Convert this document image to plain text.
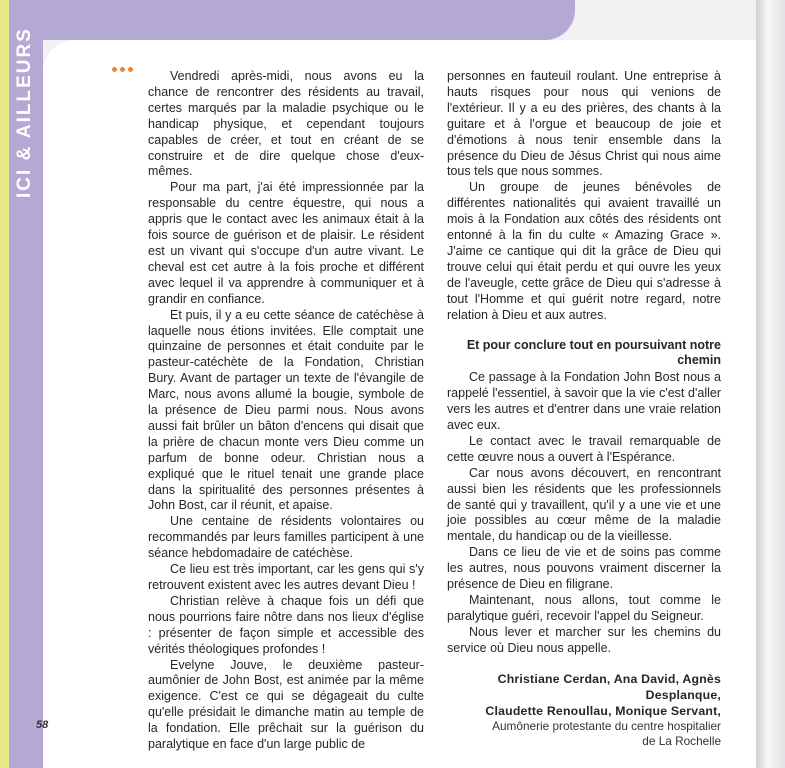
ICI & AILLEURS	Vendredi après-midi, nous avons eu la chance de rencontrer des résidents au travail, certes marqués par la maladie psychique ou le handicap physique, et cependant toujours capables de créer, et tout en créant de se construire et de dire quelque chose d'eux-mêmes.

Pour ma part, j'ai été impressionnée par la responsable du centre équestre, qui nous a appris que le contact avec les animaux était à la fois source de guérison et de plaisir. Le résident est un vivant qui s'occupe d'un autre vivant. Le cheval est cet autre à la fois proche et différent avec lequel il va apprendre à communiquer et à grandir en confiance.

Et puis, il y a eu cette séance de catéchèse à laquelle nous étions invitées. Elle comptait une quinzaine de personnes et était conduite par le pasteur-catéchète de la Fondation, Christian Bury. Avant de partager un texte de l'évangile de Marc, nous avons allumé la bougie, symbole de la présence de Dieu parmi nous. Nous avons aussi fait brûler un bâton d'encens qui disait que la prière de chacun monte vers Dieu comme un parfum de bonne odeur. Christian nous a expliqué que le rituel tenait une grande place dans la spiritualité des personnes présentes à John Bost, car il réunit, et apaise.

Une centaine de résidents volontaires ou recommandés par leurs familles participent à une séance hebdomadaire de catéchèse.

Ce lieu est très important, car les gens qui s'y retrouvent existent avec les autres devant Dieu !

Christian relève à chaque fois un défi que nous pourrions faire nôtre dans nos lieux d'église : présenter de façon simple et accessible des vérités théologiques profondes !

Evelyne Jouve, le deuxième pasteur-aumônier de John Bost, est animée par la même exigence. C'est ce qui se dégageait du culte qu'elle présidait le dimanche matin au temple de la fondation. Elle prêchait sur la guérison du paralytique en face d'un large public de

personnes en fauteuil roulant. Une entreprise à hauts risques pour nous qui venions de l'extérieur. Il y a eu des prières, des chants à la guitare et à l'orgue et beaucoup de joie et d'émotions à nous tenir ensemble dans la présence du Dieu de Jésus Christ qui nous aime tous tels que nous sommes.

Un groupe de jeunes bénévoles de différentes nationalités qui avaient travaillé un mois à la Fondation aux côtés des résidents ont entonné à la fin du culte « Amazing Grace ». J'aime ce cantique qui dit la grâce de Dieu qui trouve celui qui était perdu et qui ouvre les yeux de l'aveugle, cette grâce de Dieu qui s'adresse à tout l'Homme et qui guérit notre regard, notre relation à Dieu et aux autres.

Et pour conclure tout en poursuivant notre chemin

Ce passage à la Fondation John Bost nous a rappelé l'essentiel, à savoir que la vie c'est d'aller vers les autres et d'entrer dans une vraie relation avec eux.

Le contact avec le travail remarquable de cette œuvre nous a ouvert à l'Espérance.

Car nous avons découvert, en rencontrant aussi bien les résidents que les professionnels de santé qui y travaillent, qu'il y a une vie et une joie possibles au cœur même de la maladie mentale, du handicap ou de la vieillesse.

Dans ce lieu de vie et de soins pas comme les autres, nous pouvons vraiment discerner la présence de Dieu en filigrane.

Maintenant, nous allons, tout comme le paralytique guéri, recevoir l'appel du Seigneur.

Nous lever et marcher sur les chemins du service où Dieu nous appelle.

Christiane Cerdan, Ana David, Agnès Desplanque,
Claudette Renoullau, Monique Servant,
Aumônerie protestante du centre hospitalier
de La Rochelle
58
